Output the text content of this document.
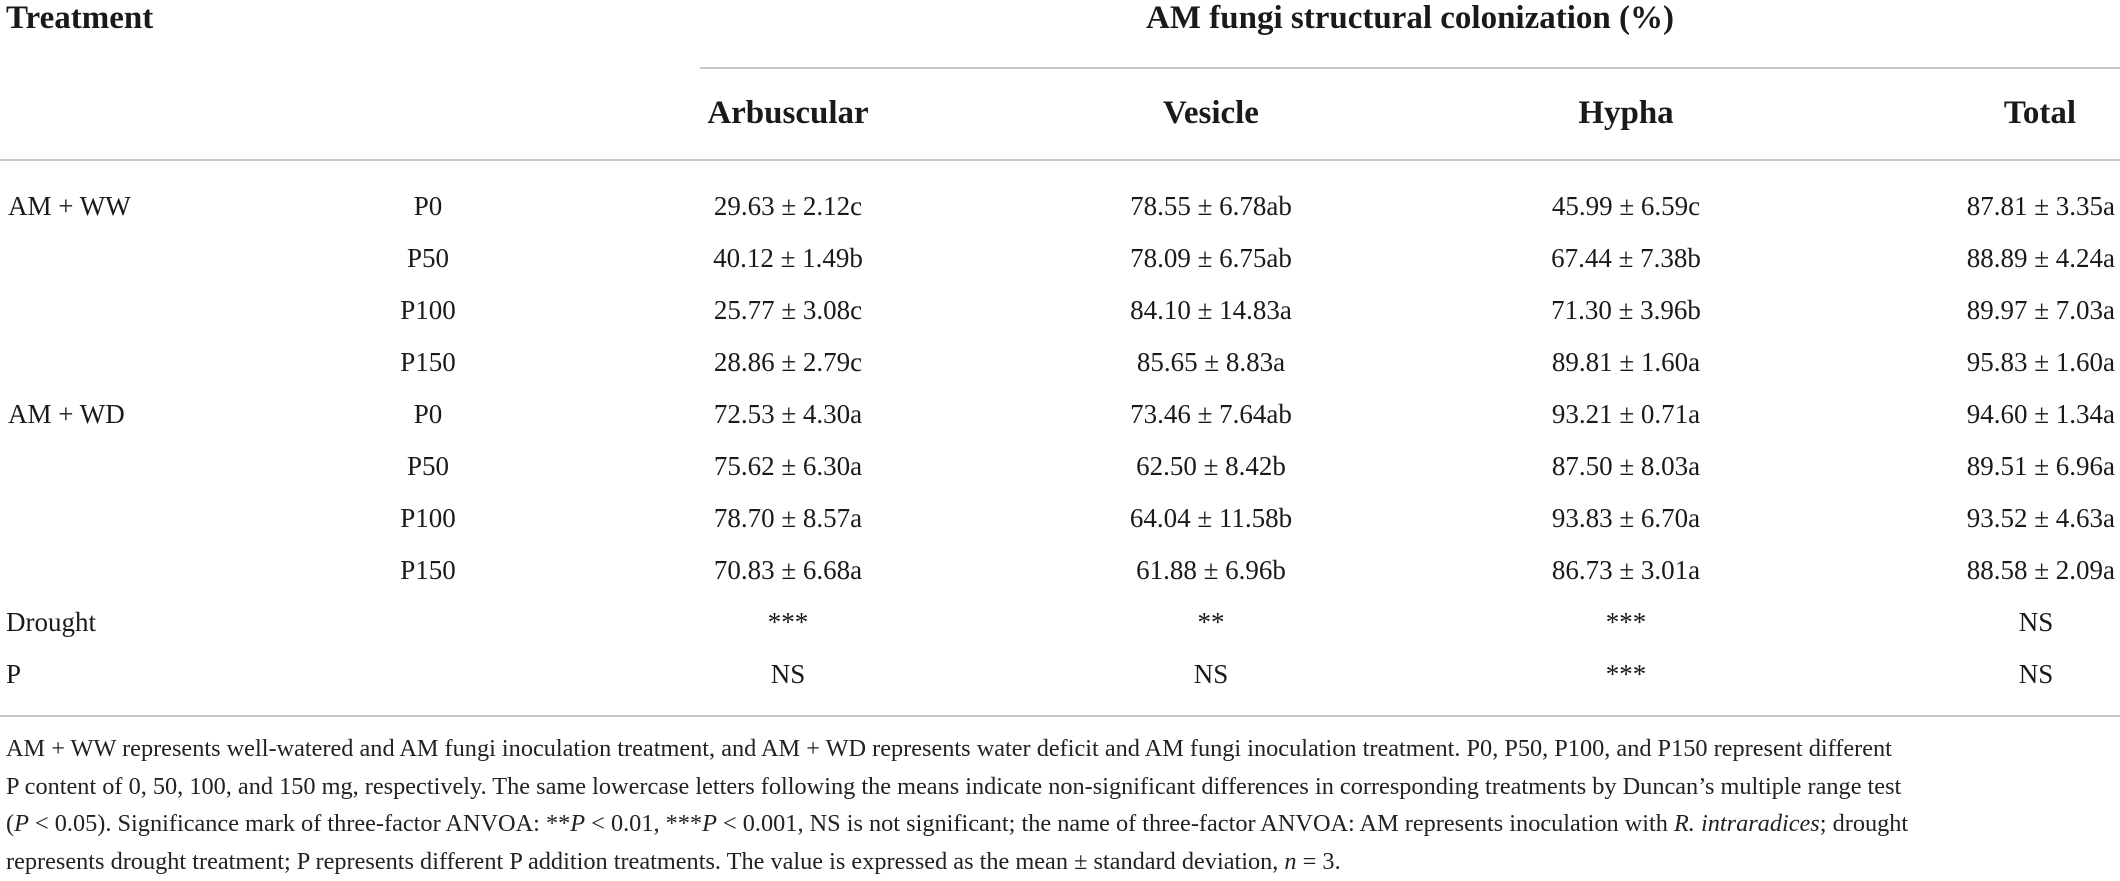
Treatment	AM fungi structural colonization (%)
Arbuscular	Vesicle	Hypha	Total
AM + WW	P0	29.63 ± 2.12c	78.55 ± 6.78ab	45.99 ± 6.59c	87.81 ± 3.35a
P50	40.12 ± 1.49b	78.09 ± 6.75ab	67.44 ± 7.38b	88.89 ± 4.24a
P100	25.77 ± 3.08c	84.10 ± 14.83a	71.30 ± 3.96b	89.97 ± 7.03a
P150	28.86 ± 2.79c	85.65 ± 8.83a	89.81 ± 1.60a	95.83 ± 1.60a
AM + WD	P0	72.53 ± 4.30a	73.46 ± 7.64ab	93.21 ± 0.71a	94.60 ± 1.34a
P50	75.62 ± 6.30a	62.50 ± 8.42b	87.50 ± 8.03a	89.51 ± 6.96a
P100	78.70 ± 8.57a	64.04 ± 11.58b	93.83 ± 6.70a	93.52 ± 4.63a
P150	70.83 ± 6.68a	61.88 ± 6.96b	86.73 ± 3.01a	88.58 ± 2.09a
Drought	***	**	***	NS
P	NS	NS	***	NS

AM + WW represents well-watered and AM fungi inoculation treatment, and AM + WD represents water deficit and AM fungi inoculation treatment. P0, P50, P100, and P150 represent different

P content of 0, 50, 100, and 150 mg, respectively. The same lowercase letters following the means indicate non-significant differences in corresponding treatments by Duncan’s multiple range test

(P < 0.05). Significance mark of three-factor ANVOA: **P < 0.01, ***P < 0.001, NS is not significant; the name of three-factor ANVOA: AM represents inoculation with R. intraradices; drought

represents drought treatment; P represents different P addition treatments. The value is expressed as the mean ± standard deviation, n = 3.
